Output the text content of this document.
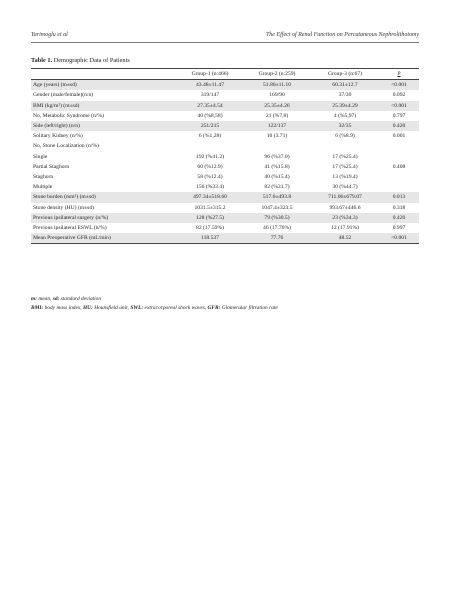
Yarimoglu et al	The Effect of Renal Function on Percutaneous Nephrolithotomy
Table 1. Demographic Data of Patients
	Group-1 (n:466)	Group-2 (n:259)	Group-3 (n:67)	P
Age (years) (m±sd)	43.48±11.47	51.86±11.10	60.31±12.7	<0.001
Gender (male/female)(n/n)	319/147	169/90	37/30	0.092
BMI (kg/m²) (m±sd)	27.35±4.54	25.35±4.26	25.39±4.29	<0.001
No, Metabolic Syndrome (n/%)	40 (%8,58)	21 (%7,8)	4 (%5,97)	0.797
Side (left/right) (n/n)	251/215	122/137	32/35	0.420
Solitary Kidney (n/%)	6 (%1,28)	10 (3.71)	6 (%8.9)	0.001
No, Stone Localization (n/%)				0.408
Single	192 (%41.2)	96 (%37.0)	17 (%25.4)	
Partial Staghorn	60 (%12.9)	41 (%15.8)	17 (%25.4)	
Staghorn	58 (%12.4)	40 (%15.4)	13 (%19.4)	
Multiple	156 (%33.4)	82 (%31.7)	30 (%44.7)	
Stone burden (mm²) (m±sd)	497.34±518.60	517.6±493.8	711.06±679.07	0.013
Stone density (HU) (m±sd)	1031.5±315.2	1047.4±323.5	993.67±446.6	0.318
Previous ipsilateral surgery (n/%)	128 (%27.5)	79 (%30.5)	23 (%34.3)	0.420
Previous ipsilateral ESWL (n/%)	82 (17.59%)	46 (17.76%)	12 (17.91%)	0.997
Mean Preoperative GFR (mL/min)	118.537	77.76	48.52	<0.001
m: mean, sd: standard deviation
BMI: body mass index, HU: Hounsfield unit, SWL: extracorporeal shock waves, GFR: Glomerular filtration rate
